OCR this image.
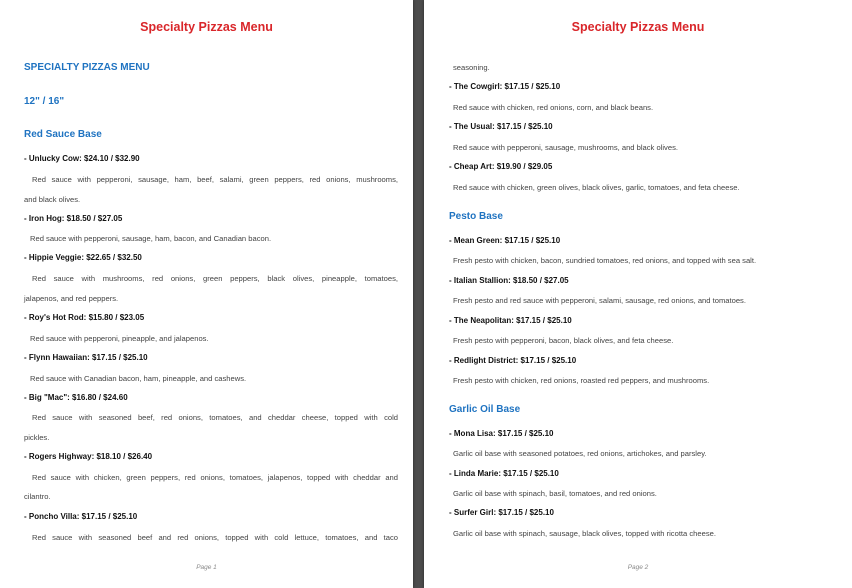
Specialty Pizzas Menu
SPECIALTY PIZZAS MENU
12" / 16"
Red Sauce Base
- Unlucky Cow: $24.10 / $32.90
Red sauce with pepperoni, sausage, ham, beef, salami, green peppers, red onions, mushrooms,
and black olives.
- Iron Hog: $18.50 / $27.05
Red sauce with pepperoni, sausage, ham, bacon, and Canadian bacon.
- Hippie Veggie: $22.65 / $32.50
Red sauce with mushrooms, red onions, green peppers, black olives, pineapple, tomatoes,
jalapenos, and red peppers.
- Roy's Hot Rod: $15.80 / $23.05
Red sauce with pepperoni, pineapple, and jalapenos.
- Flynn Hawaiian: $17.15 / $25.10
Red sauce with Canadian bacon, ham, pineapple, and cashews.
- Big "Mac": $16.80 / $24.60
Red sauce with seasoned beef, red onions, tomatoes, and cheddar cheese, topped with cold
pickles.
- Rogers Highway: $18.10 / $26.40
Red sauce with chicken, green peppers, red onions, tomatoes, jalapenos, topped with cheddar and
cilantro.
- Poncho Villa: $17.15 / $25.10
Red sauce with seasoned beef and red onions, topped with cold lettuce, tomatoes, and taco
Page 1
Specialty Pizzas Menu
seasoning.
- The Cowgirl: $17.15 / $25.10
Red sauce with chicken, red onions, corn, and black beans.
- The Usual: $17.15 / $25.10
Red sauce with pepperoni, sausage, mushrooms, and black olives.
- Cheap Art: $19.90 / $29.05
Red sauce with chicken, green olives, black olives, garlic, tomatoes, and feta cheese.
Pesto Base
- Mean Green: $17.15 / $25.10
Fresh pesto with chicken, bacon, sundried tomatoes, red onions, and topped with sea salt.
- Italian Stallion: $18.50 / $27.05
Fresh pesto and red sauce with pepperoni, salami, sausage, red onions, and tomatoes.
- The Neapolitan: $17.15 / $25.10
Fresh pesto with pepperoni, bacon, black olives, and feta cheese.
- Redlight District: $17.15 / $25.10
Fresh pesto with chicken, red onions, roasted red peppers, and mushrooms.
Garlic Oil Base
- Mona Lisa: $17.15 / $25.10
Garlic oil base with seasoned potatoes, red onions, artichokes, and parsley.
- Linda Marie: $17.15 / $25.10
Garlic oil base with spinach, basil, tomatoes, and red onions.
- Surfer Girl: $17.15 / $25.10
Garlic oil base with spinach, sausage, black olives, topped with ricotta cheese.
Page 2
